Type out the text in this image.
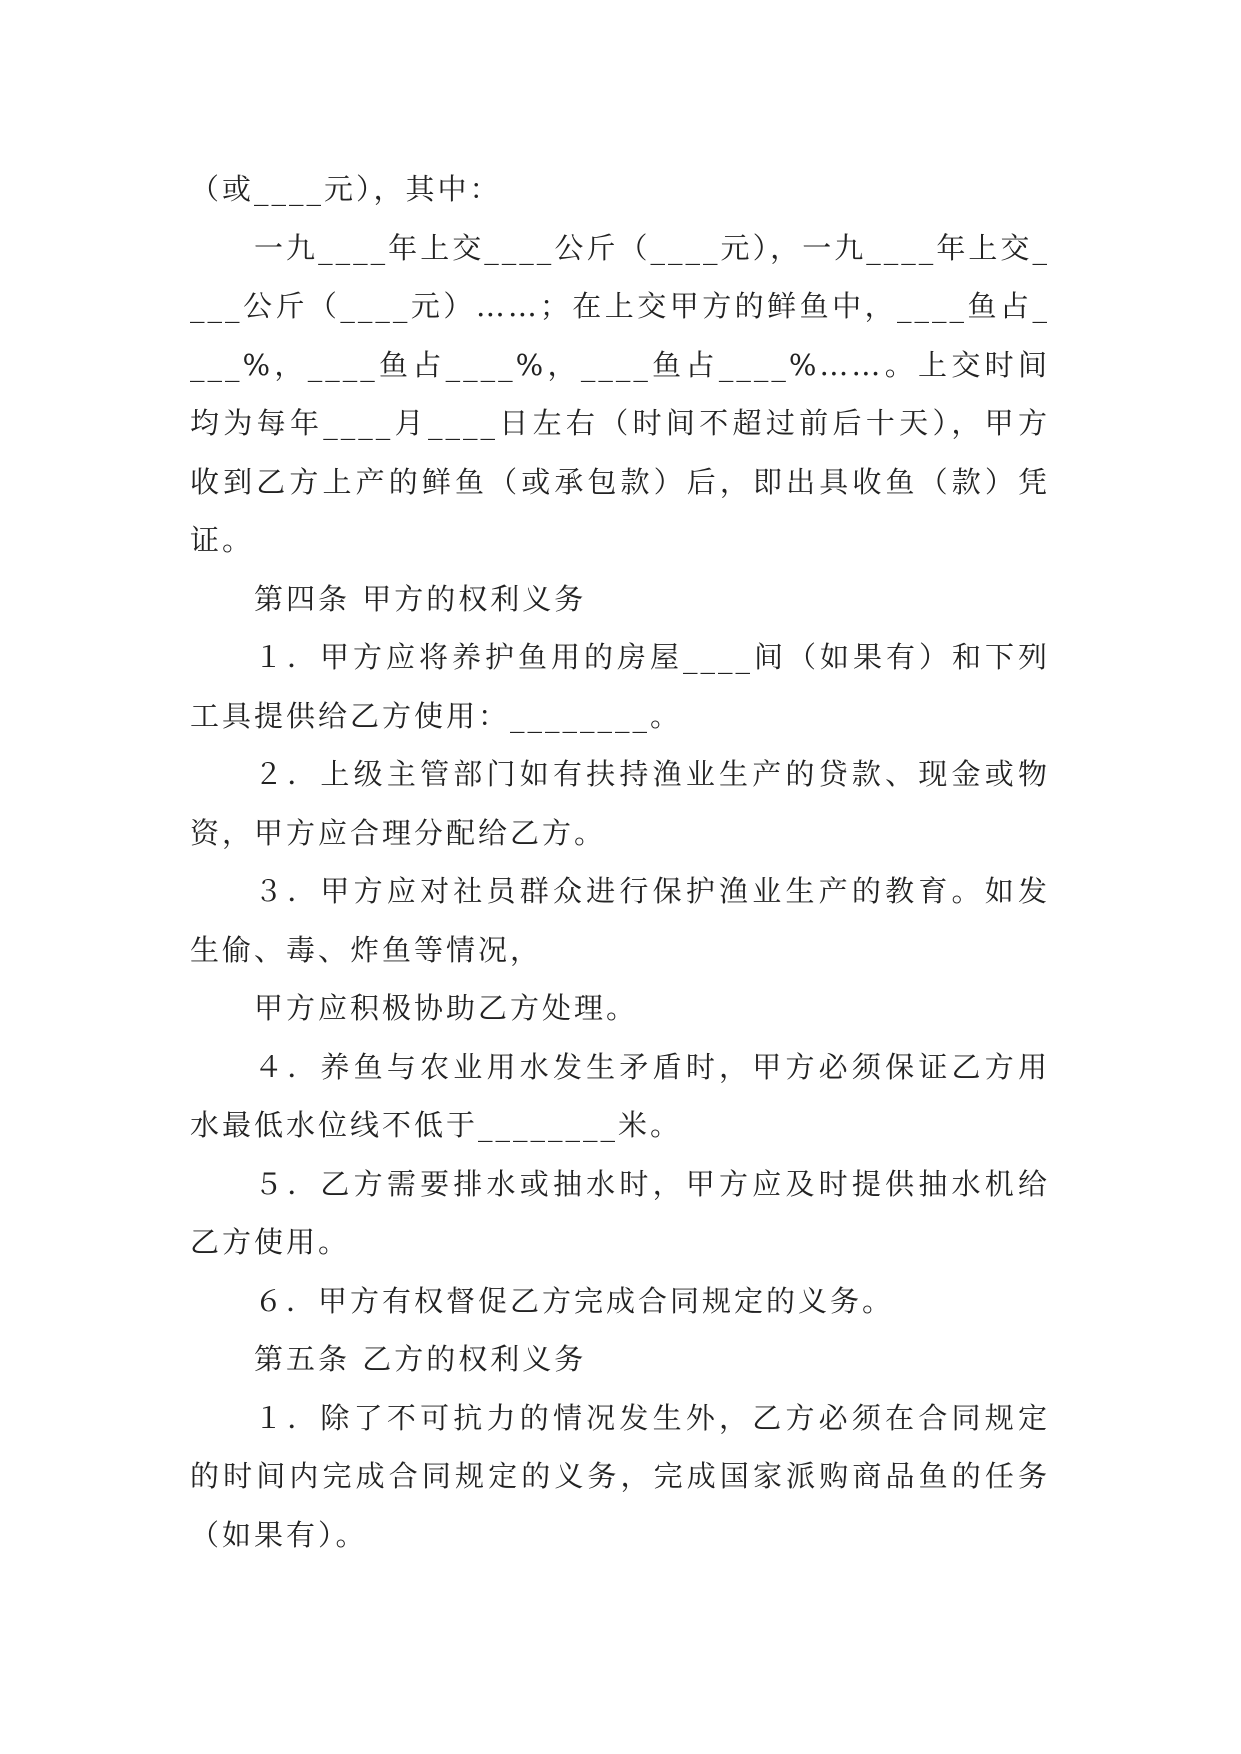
（或____元），其中：

一九____年上交____公斤（____元），一九____年上交____公斤（____元）……；在上交甲方的鲜鱼中，____鱼占____%，____鱼占____%，____鱼占____%……。上交时间均为每年____月____日左右（时间不超过前后十天），甲方收到乙方上产的鲜鱼（或承包款）后，即出具收鱼（款）凭证。

第四条 甲方的权利义务

１．甲方应将养护鱼用的房屋____间（如果有）和下列工具提供给乙方使用：________。

２．上级主管部门如有扶持渔业生产的贷款、现金或物资，甲方应合理分配给乙方。

３．甲方应对社员群众进行保护渔业生产的教育。如发生偷、毒、炸鱼等情况，

甲方应积极协助乙方处理。

４．养鱼与农业用水发生矛盾时，甲方必须保证乙方用水最低水位线不低于________米。

５．乙方需要排水或抽水时，甲方应及时提供抽水机给乙方使用。

６．甲方有权督促乙方完成合同规定的义务。

第五条 乙方的权利义务

１．除了不可抗力的情况发生外，乙方必须在合同规定的时间内完成合同规定的义务，完成国家派购商品鱼的任务（如果有）。
